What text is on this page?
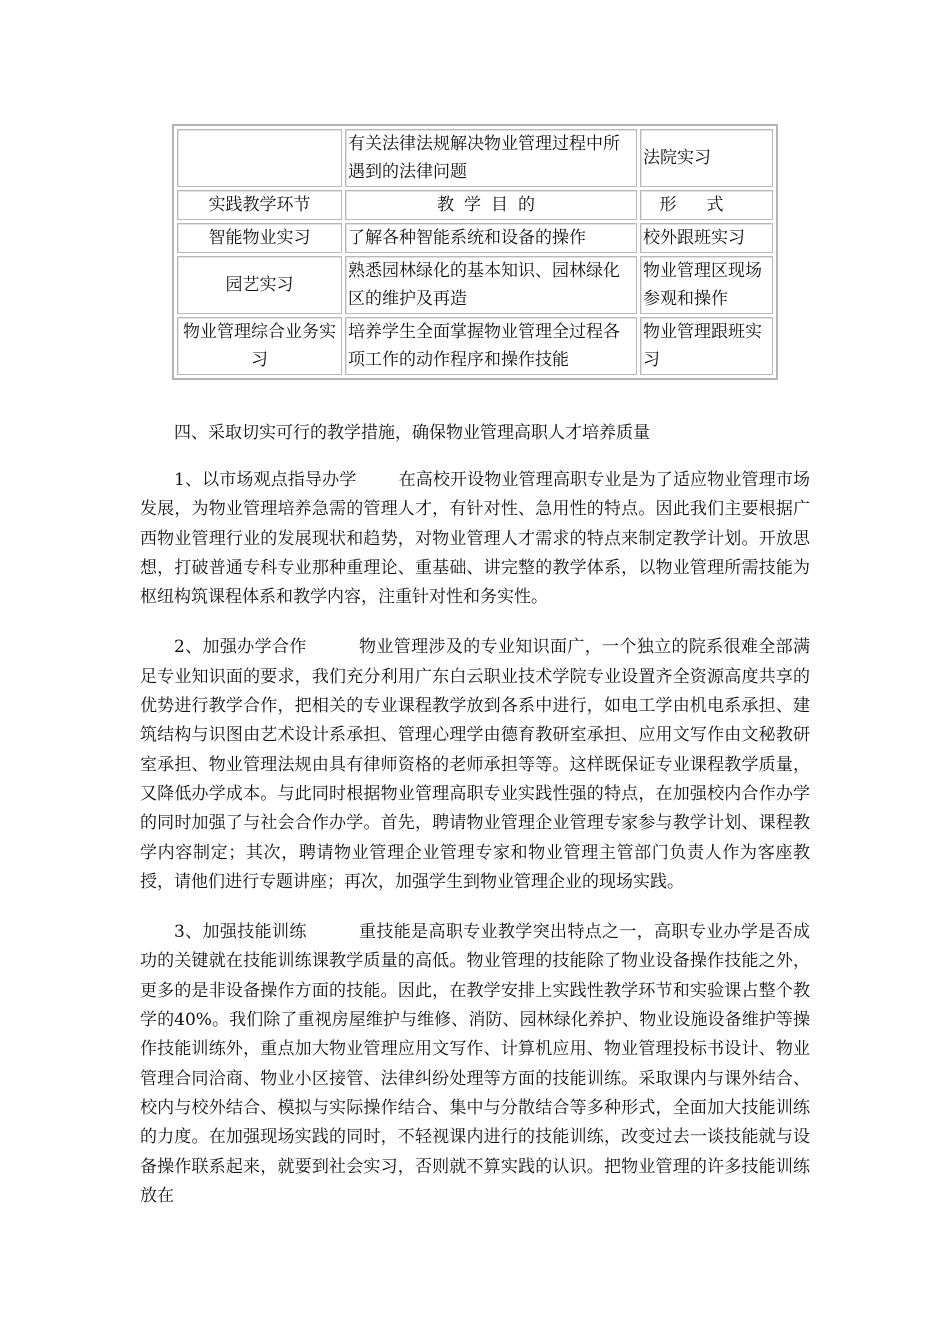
	有关法律法规解决物业管理过程中所遇到的法律问题	法院实习
实践教学环节	教学目的	形式
智能物业实习	了解各种智能系统和设备的操作	校外跟班实习
园艺实习	熟悉园林绿化的基本知识、园林绿化区的维护及再造	物业管理区现场参观和操作
物业管理综合业务实习	培养学生全面掌握物业管理全过程各项工作的动作程序和操作技能	物业管理跟班实习

四、采取切实可行的教学措施，确保物业管理高职人才培养质量

1、以市场观点指导办学 在高校开设物业管理高职专业是为了适应物业管理市场发展，为物业管理培养急需的管理人才，有针对性、急用性的特点。因此我们主要根据广西物业管理行业的发展现状和趋势，对物业管理人才需求的特点来制定教学计划。开放思想，打破普通专科专业那种重理论、重基础、讲完整的教学体系，以物业管理所需技能为枢纽构筑课程体系和教学内容，注重针对性和务实性。

2、加强办学合作	物业管理涉及的专业知识面广，一个独立的院系很难全部满足专业知识面的要求，我们充分利用广东白云职业技术学院专业设置齐全资源高度共享的优势进行教学合作，把相关的专业课程教学放到各系中进行，如电工学由机电系承担、建筑结构与识图由艺术设计系承担、管理心理学由德育教研室承担、应用文写作由文秘教研室承担、物业管理法规由具有律师资格的老师承担等等。这样既保证专业课程教学质量，又降低办学成本。与此同时根据物业管理高职专业实践性强的特点，在加强校内合作办学的同时加强了与社会合作办学。首先，聘请物业管理企业管理专家参与教学计划、课程教学内容制定；其次，聘请物业管理企业管理专家和物业管理主管部门负责人作为客座教授，请他们进行专题讲座；再次，加强学生到物业管理企业的现场实践。

3、加强技能训练	重技能是高职专业教学突出特点之一，高职专业办学是否成功的关键就在技能训练课教学质量的高低。物业管理的技能除了物业设备操作技能之外，更多的是非设备操作方面的技能。因此，在教学安排上实践性教学环节和实验课占整个教学的40%。我们除了重视房屋维护与维修、消防、园林绿化养护、物业设施设备维护等操作技能训练外，重点加大物业管理应用文写作、计算机应用、物业管理投标书设计、物业管理合同洽商、物业小区接管、法律纠纷处理等方面的技能训练。采取课内与课外结合、校内与校外结合、模拟与实际操作结合、集中与分散结合等多种形式，全面加大技能训练的力度。在加强现场实践的同时，不轻视课内进行的技能训练，改变过去一谈技能就与设备操作联系起来，就要到社会实习，否则就不算实践的认识。把物业管理的许多技能训练放在
